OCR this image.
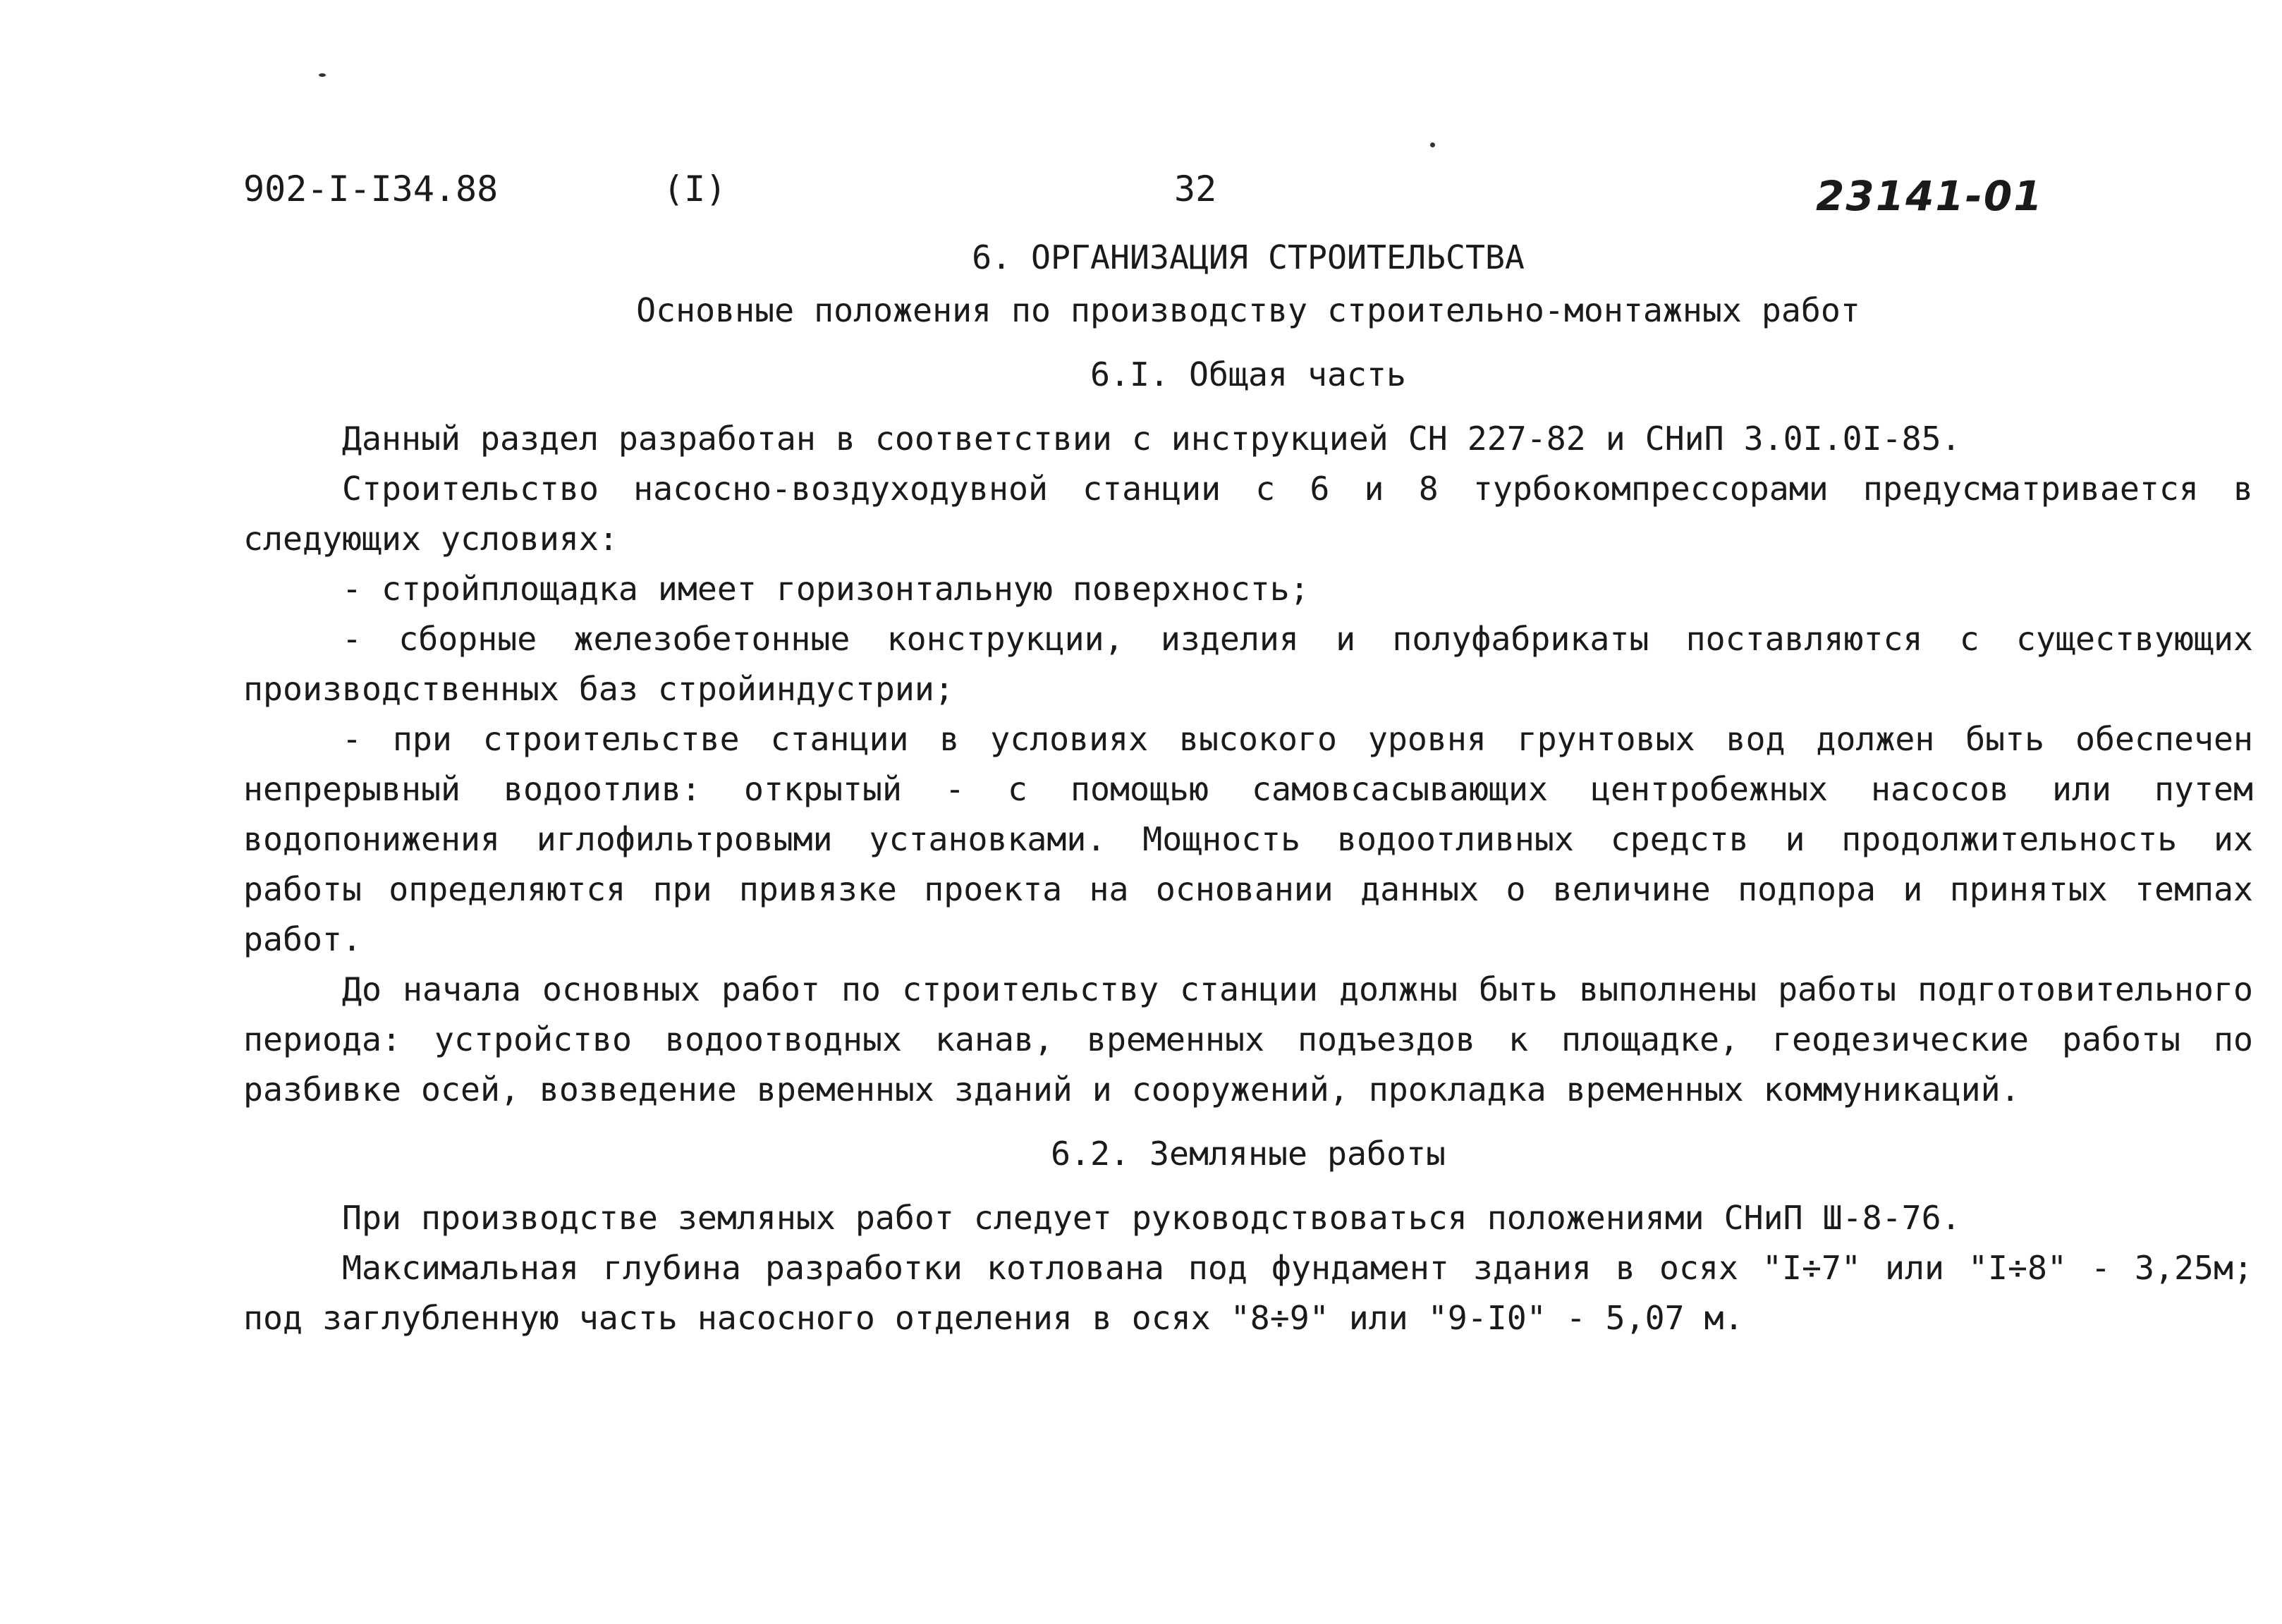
902-I-I34.88	(I)	32	23141-01

6. ОРГАНИЗАЦИЯ СТРОИТЕЛЬСТВА

Основные положения по производству строительно-монтажных работ

6.I. Общая часть

Данный раздел разработан в соответствии с инструкцией СН 227-82 и СНиП 3.0I.0I-85.

Строительство насосно-воздуходувной станции с 6 и 8 турбокомпрессорами предусматривается в следующих условиях:

- стройплощадка имеет горизонтальную поверхность;

- сборные железобетонные конструкции, изделия и полуфабрикаты поставляются с существующих производственных баз стройиндустрии;

- при строительстве станции в условиях высокого уровня грунтовых вод должен быть обеспечен непрерывный водоотлив: открытый - с помощью самовсасывающих центробежных насосов или путем водопонижения иглофильтровыми установками. Мощность водоотливных средств и продолжительность их работы определяются при привязке проекта на основании данных о величине подпора и принятых темпах работ.

До начала основных работ по строительству станции должны быть выполнены работы подготовительного периода: устройство водоотводных канав, временных подъездов к площадке, геодезические работы по разбивке осей, возведение временных зданий и сооружений, прокладка временных коммуникаций.

6.2. Земляные работы

При производстве земляных работ следует руководствоваться положениями СНиП Ш-8-76.

Максимальная глубина разработки котлована под фундамент здания в осях "I÷7" или "I÷8" - 3,25м; под заглубленную часть насосного отделения в осях "8÷9" или "9-I0" - 5,07 м.
